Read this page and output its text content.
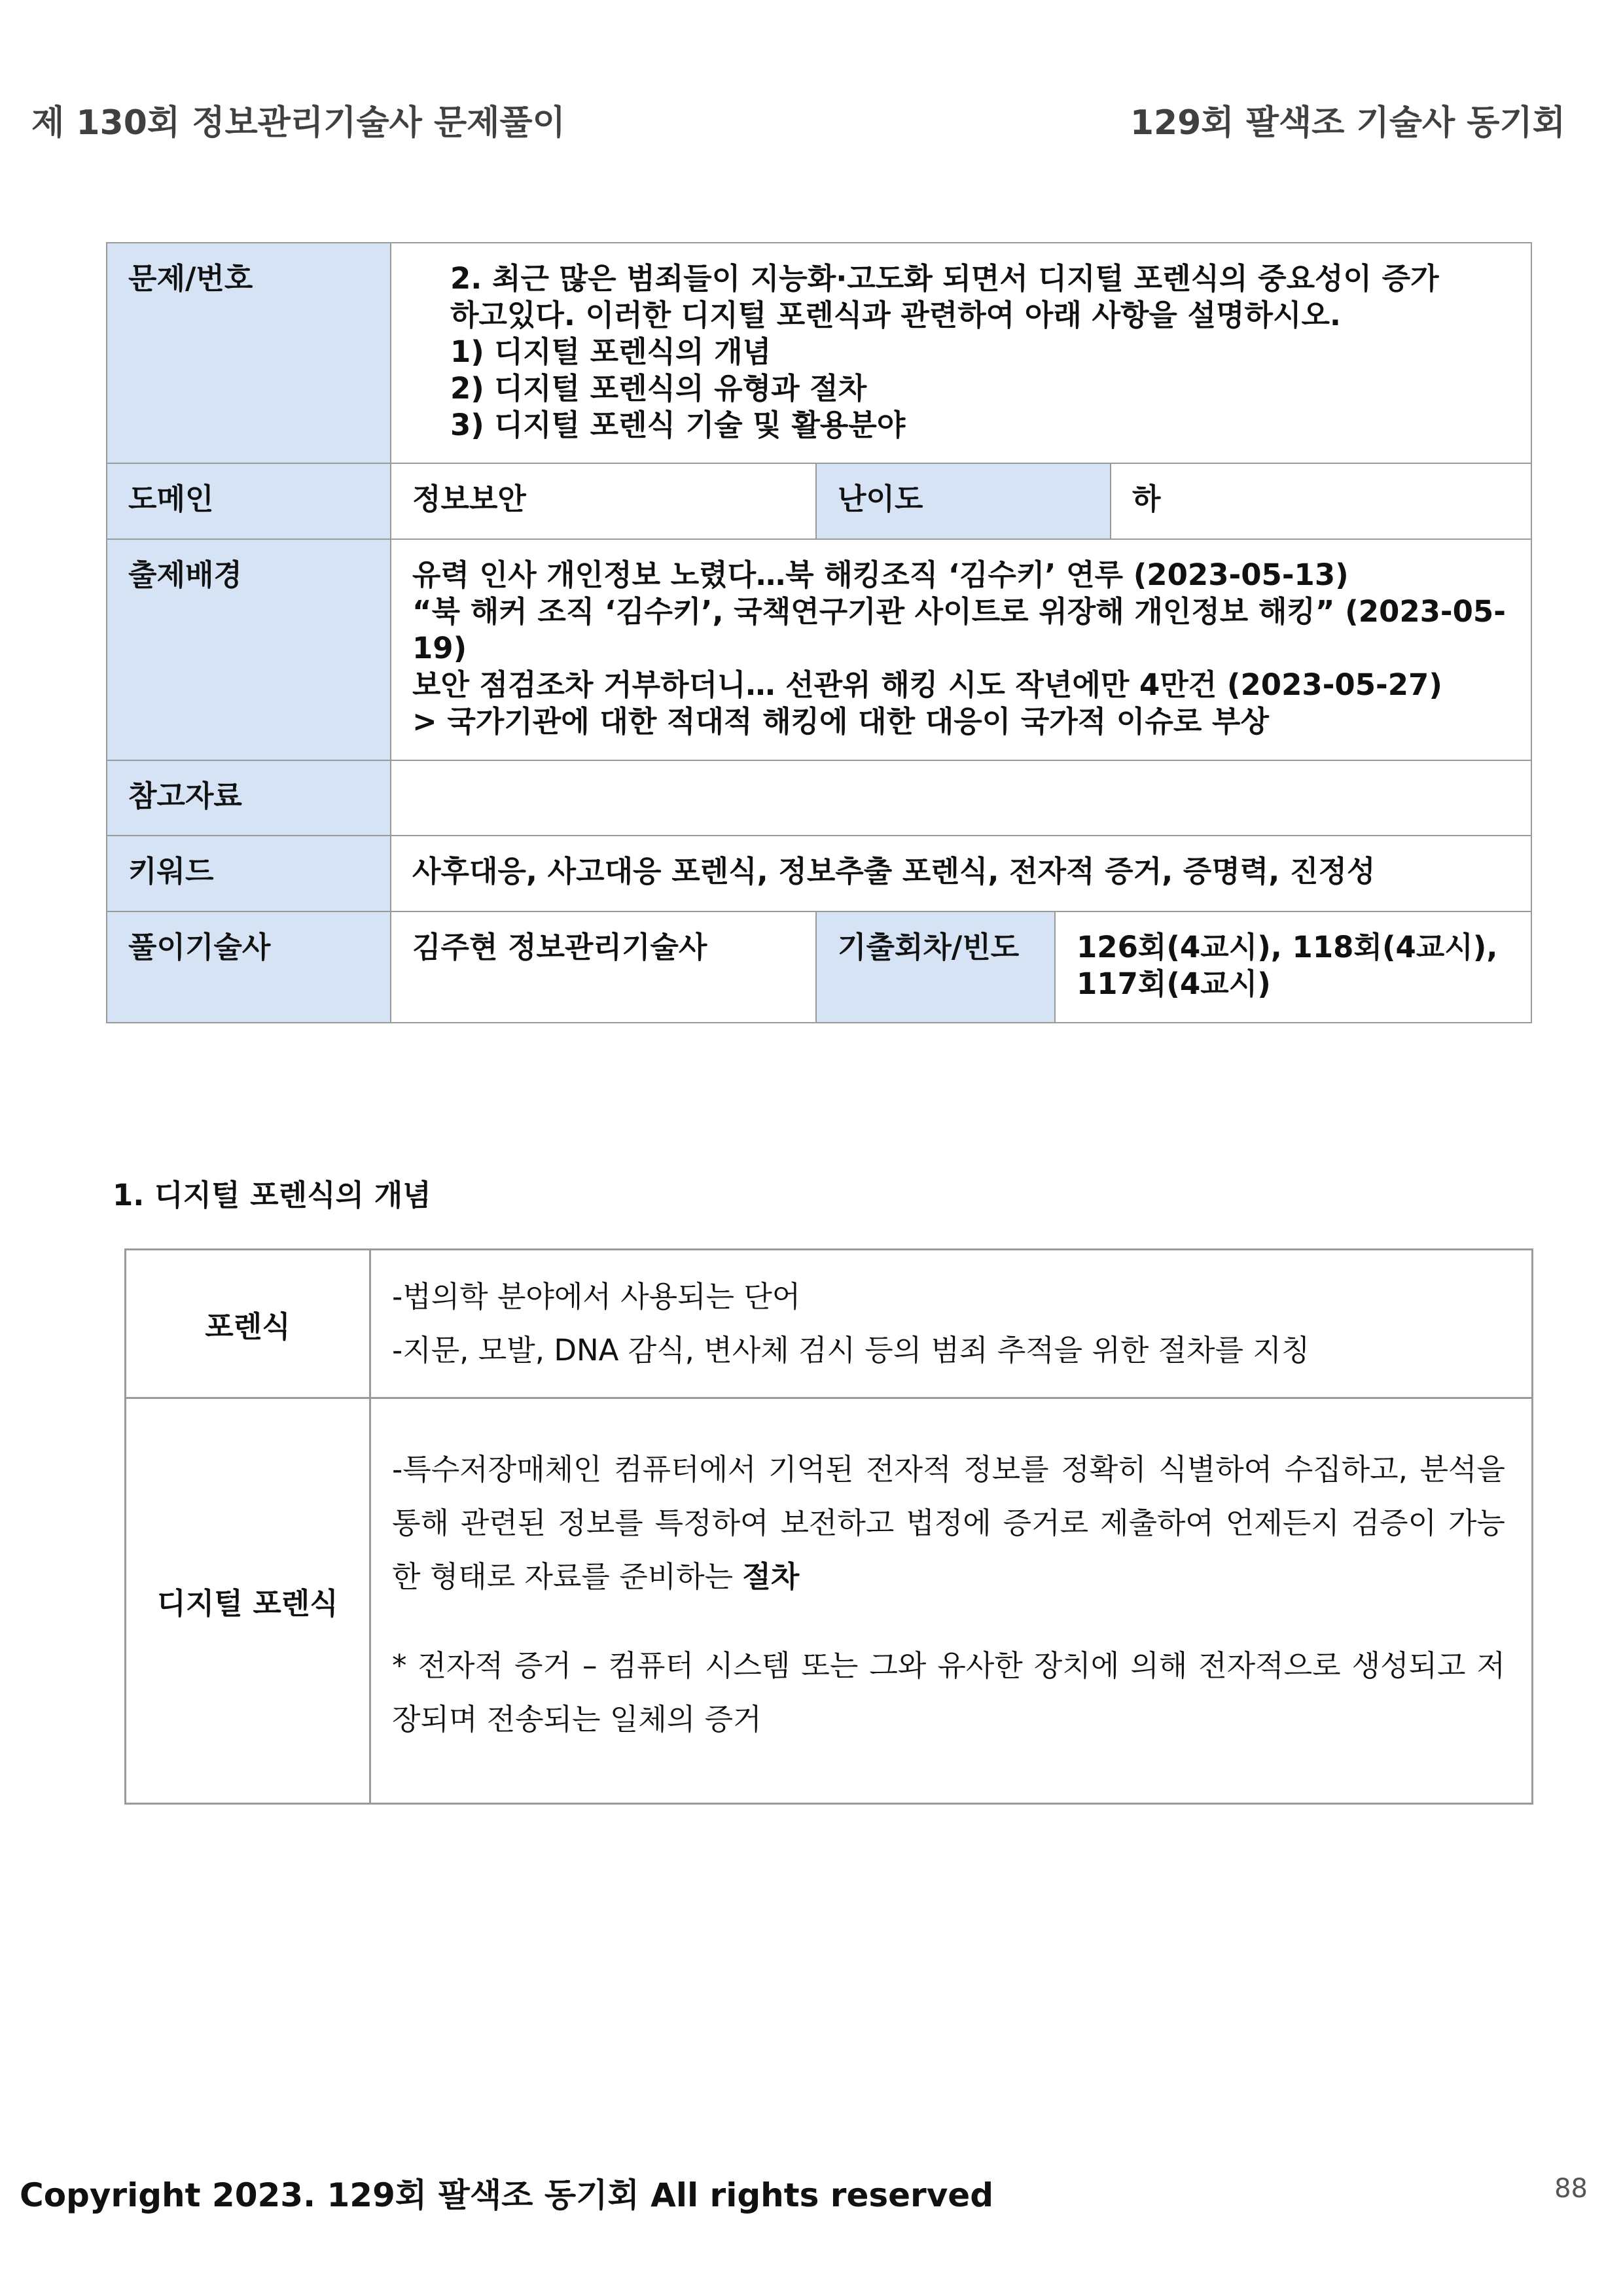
제 130회 정보관리기술사 문제풀이	129회 팔색조 기술사 동기회
문제/번호	2. 최근 많은 범죄들이 지능화·고도화 되면서 디지털 포렌식의 중요성이 증가
하고있다. 이러한 디지털 포렌식과 관련하여 아래 사항을 설명하시오.
1) 디지털 포렌식의 개념
2) 디지털 포렌식의 유형과 절차
3) 디지털 포렌식 기술 및 활용분야			

도메인	정보보안	난이도		하
출제배경	유력 인사 개인정보 노렸다…북 해킹조직 ‘김수키’ 연루 (2023-05-13)
“북 해커 조직 ‘김수키’, 국책연구기관 사이트로 위장해 개인정보 해킹” (2023-05-19)
보안 점검조차 거부하더니… 선관위 해킹 시도 작년에만 4만건 (2023-05-27)
> 국가기관에 대한 적대적 해킹에 대한 대응이 국가적 이슈로 부상			

참고자료				
키워드	사후대응, 사고대응 포렌식, 정보추출 포렌식, 전자적 증거, 증명력, 진정성			
풀이기술사	김주현 정보관리기술사	기출회차/빈도	126회(4교시), 118회(4교시), 117회(4교시)	
1. 디지털 포렌식의 개념
포렌식	-법의학 분야에서 사용되는 단어

-지문, 모발, DNA 감식, 변사체 검시 등의 범죄 추적을 위한 절차를 지칭

디지털 포렌식	-특수저장매체인 컴퓨터에서 기억된 전자적 정보를 정확히 식별하여 수집하고, 분석을 통해 관련된 정보를 특정하여 보전하고 법정에 증거로 제출하여 언제든지 검증이 가능한 형태로 자료를 준비하는 절차

* 전자적 증거 – 컴퓨터 시스템 또는 그와 유사한 장치에 의해 전자적으로 생성되고 저장되며 전송되는 일체의 증거

Copyright 2023. 129회 팔색조 동기회 All rights reserved	88
